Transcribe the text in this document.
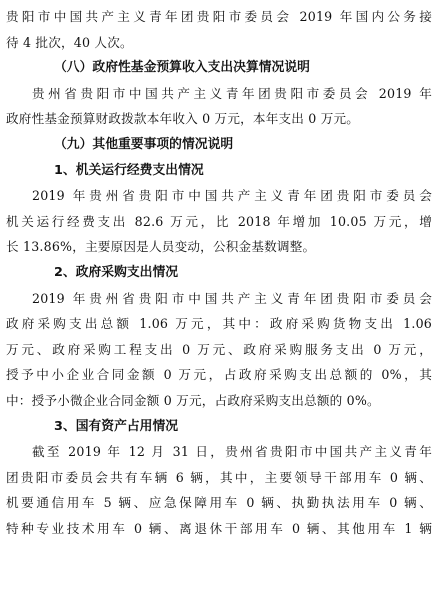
贵阳市中国共产主义青年团贵阳市委员会 2019 年国内公务接
待 4 批次，40 人次。
（八）政府性基金预算收入支出决算情况说明
贵州省贵阳市中国共产主义青年团贵阳市委员会 2019 年
政府性基金预算财政拨款本年收入 0 万元，本年支出 0 万元。
（九）其他重要事项的情况说明
1、机关运行经费支出情况
2019 年贵州省贵阳市中国共产主义青年团贵阳市委员会
机关运行经费支出 82.6 万元，比 2018 年增加 10.05 万元，增
长 13.86%，主要原因是人员变动，公积金基数调整。
2、政府采购支出情况
2019 年贵州省贵阳市中国共产主义青年团贵阳市委员会
政府采购支出总额 1.06 万元，其中：政府采购货物支出 1.06
万元、政府采购工程支出 0 万元、政府采购服务支出 0 万元，
授予中小企业合同金额 0 万元，占政府采购支出总额的 0%，其
中：授予小微企业合同金额 0 万元，占政府采购支出总额的 0%。
3、国有资产占用情况
截至 2019 年 12 月 31 日，贵州省贵阳市中国共产主义青年
团贵阳市委员会共有车辆 6 辆，其中，主要领导干部用车 0 辆、
机要通信用车 5 辆、应急保障用车 0 辆、执勤执法用车 0 辆、
特种专业技术用车 0 辆、离退休干部用车 0 辆、其他用车 1 辆
